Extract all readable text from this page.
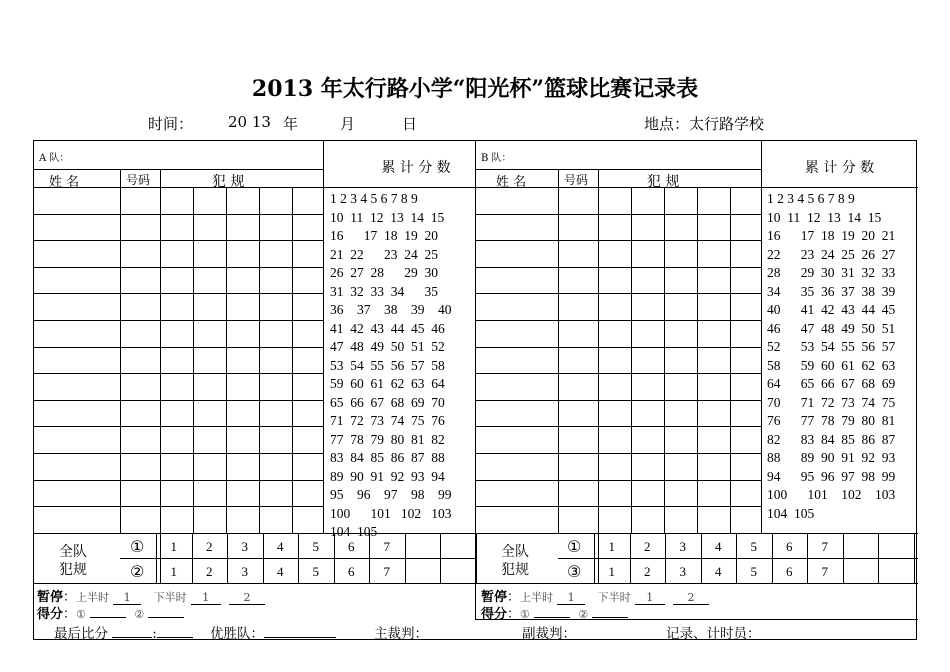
2013 年太行路小学“阳光杯”篮球比赛记录表
时间： 20 13 年	月	日	地点：太行路学校
A 队：
累 计 分 数
姓 名	号码	犯 规
1 2 3 4 5 6 7 8 9
10  11  12  13  14  15
16      17  18  19  20
21  22      23  24  25
26  27  28      29  30
31  32  33  34      35
36    37    38    39    40
41  42  43  44  45  46
47  48  49  50  51  52
53  54  55  56  57  58
59  60  61  62  63  64
65  66  67  68  69  70
71  72  73  74  75  76
77  78  79  80  81  82
83  84  85  86  87  88
89  90  91  92  93  94
95    96    97    98    99
100      101   102   103
104  105
B 队：
累 计 分 数
姓 名	号码	犯 规
1 2 3 4 5 6 7 8 9
10  11  12  13  14  15
16      17  18  19  20  21
22      23  24  25  26  27
28      29  30  31  32  33
34      35  36  37  38  39
40      41  42  43  44  45
46      47  48  49  50  51
52      53  54  55  56  57
58      59  60  61  62  63
64      65  66  67  68  69
70      71  72  73  74  75
76      77  78  79  80  81
82      83  84  85  86  87
88      89  90  91  92  93
94      95  96  97  98  99
100      101    102    103
104  105
全队
犯规
①
②
1	2	3	4	5	6	7
1	2	3	4	5	6	7
全队
犯规
①
③
1	2	3	4	5	6	7
1	2	3	4	5	6	7
暂停：上半时 1 下半时 1	2
得分：①	②
暂停：上半时 1 下半时 1	2
得分：①	②
最后比分	:	优胜队：	主裁判：	副裁判：	记录、计时员：
